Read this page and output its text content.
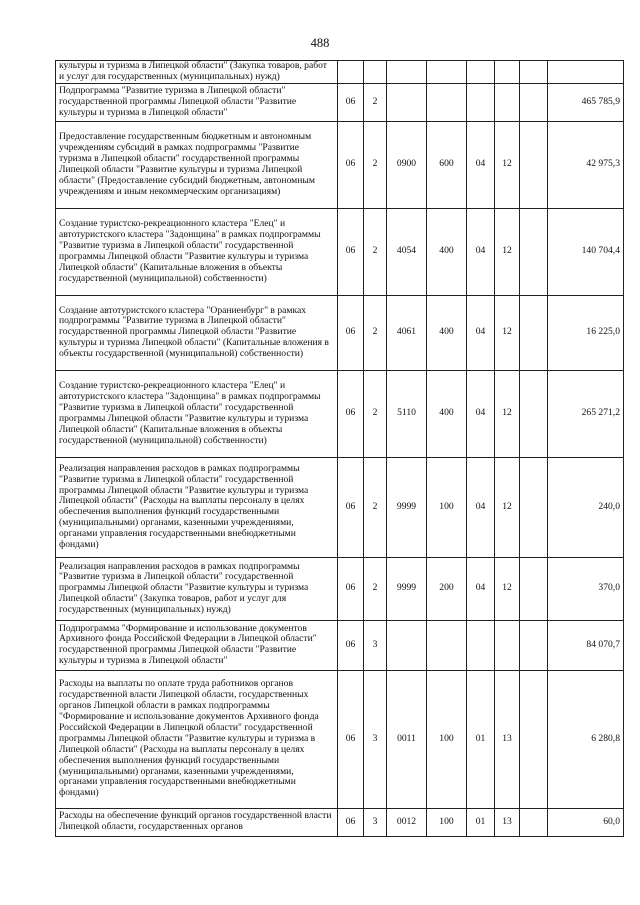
488
культуры и туризма в Липецкой области" (Закупка товаров, работ и услуг для государственных (муниципальных) нужд)								
Подпрограмма "Развитие туризма в Липецкой области" государственной программы Липецкой области "Развитие культуры и туризма в Липецкой области"	06	2						465 785,9
Предоставление государственным бюджетным и автономным учреждениям субсидий в рамках подпрограммы "Развитие туризма в Липецкой области" государственной программы Липецкой области "Развитие культуры и туризма Липецкой области" (Предоставление субсидий бюджетным, автономным учреждениям и иным некоммерческим организациям)	06	2	0900	600	04	12		42 975,3
Создание туристско-рекреационного кластера "Елец" и автотуристского кластера "Задонщина" в рамках подпрограммы "Развитие туризма в Липецкой области" государственной программы Липецкой области "Развитие культуры и туризма Липецкой области" (Капитальные вложения в объекты государственной (муниципальной) собственности)	06	2	4054	400	04	12		140 704,4
Создание автотуристского кластера "Ораниенбург" в рамках подпрограммы "Развитие туризма в Липецкой области" государственной программы Липецкой области "Развитие культуры и туризма Липецкой области" (Капитальные вложения в объекты государственной (муниципальной) собственности)	06	2	4061	400	04	12		16 225,0
Создание туристско-рекреационного кластера "Елец" и автотуристского кластера "Задонщина" в рамках подпрограммы "Развитие туризма в Липецкой области" государственной программы Липецкой области "Развитие культуры и туризма Липецкой области" (Капитальные вложения в объекты государственной (муниципальной) собственности)	06	2	5110	400	04	12		265 271,2
Реализация направления расходов в рамках подпрограммы "Развитие туризма в Липецкой области" государственной программы Липецкой области "Развитие культуры и туризма Липецкой области" (Расходы на выплаты персоналу в целях обеспечения выполнения функций государственными (муниципальными) органами, казенными учреждениями, органами управления государственными внебюджетными фондами)	06	2	9999	100	04	12		240,0
Реализация направления расходов в рамках подпрограммы "Развитие туризма в Липецкой области" государственной программы Липецкой области "Развитие культуры и туризма Липецкой области" (Закупка товаров, работ и услуг для государственных (муниципальных) нужд)	06	2	9999	200	04	12		370,0
Подпрограмма "Формирование и использование документов Архивного фонда Российской Федерации в Липецкой области" государственной программы Липецкой области "Развитие культуры и туризма в Липецкой области"	06	3						84 070,7
Расходы на выплаты по оплате труда работников органов государственной власти Липецкой области, государственных органов Липецкой области в рамках подпрограммы "Формирование и использование документов Архивного фонда Российской Федерации в Липецкой области" государственной программы Липецкой области "Развитие культуры и туризма в Липецкой области" (Расходы на выплаты персоналу в целях обеспечения выполнения функций государственными (муниципальными) органами, казенными учреждениями, органами управления государственными внебюджетными фондами)	06	3	0011	100	01	13		6 280,8
Расходы на обеспечение функций органов государственной власти Липецкой области, государственных органов	06	3	0012	100	01	13		60,0
